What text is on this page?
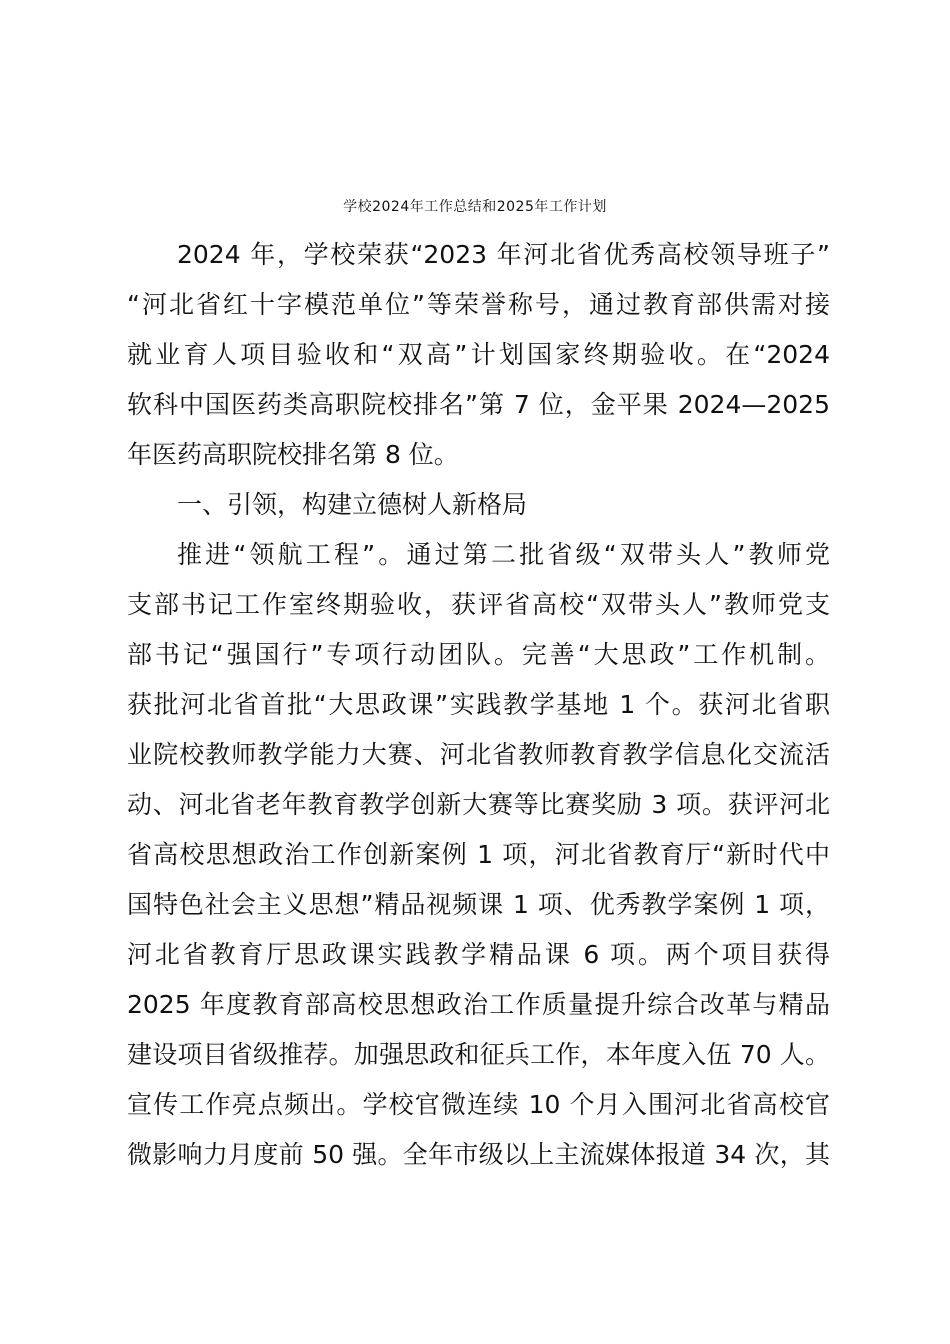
学校2024年工作总结和2025年工作计划
2024 年，学校荣获“2023 年河北省优秀高校领导班子”
“河北省红十字模范单位”等荣誉称号，通过教育部供需对接
就业育人项目验收和“双高”计划国家终期验收。在“2024
软科中国医药类高职院校排名”第 7 位，金平果 2024—2025
年医药高职院校排名第 8 位。
一、引领，构建立德树人新格局
推进“领航工程”。通过第二批省级“双带头人”教师党
支部书记工作室终期验收，获评省高校“双带头人”教师党支
部书记“强国行”专项行动团队。完善“大思政”工作机制。
获批河北省首批“大思政课”实践教学基地 1 个。获河北省职
业院校教师教学能力大赛、河北省教师教育教学信息化交流活
动、河北省老年教育教学创新大赛等比赛奖励 3 项。获评河北
省高校思想政治工作创新案例 1 项，河北省教育厅“新时代中
国特色社会主义思想”精品视频课 1 项、优秀教学案例 1 项，
河北省教育厅思政课实践教学精品课 6 项。两个项目获得
2025 年度教育部高校思想政治工作质量提升综合改革与精品
建设项目省级推荐。加强思政和征兵工作，本年度入伍 70 人。
宣传工作亮点频出。学校官微连续 10 个月入围河北省高校官
微影响力月度前 50 强。全年市级以上主流媒体报道 34 次，其
